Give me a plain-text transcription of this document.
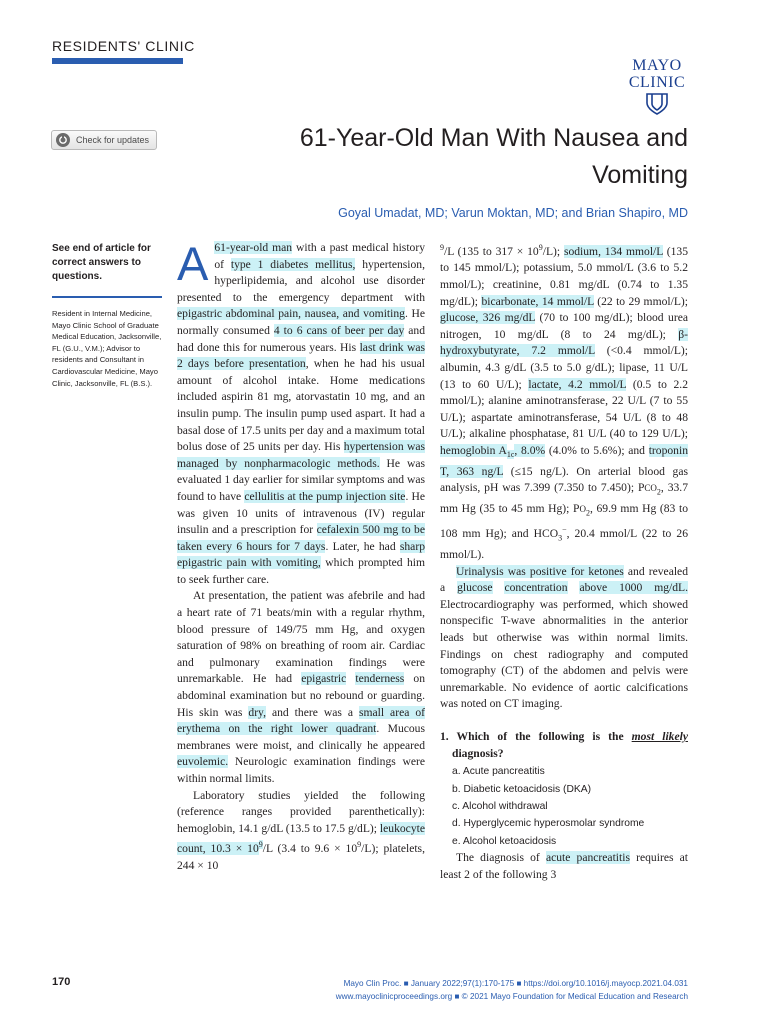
RESIDENTS' CLINIC
MAYO
CLINIC
Check for updates	61-Year-Old Man With Nausea and Vomiting
Goyal Umadat, MD; Varun Moktan, MD; and Brian Shapiro, MD
See end of article for correct answers to questions.
Resident in Internal Medicine, Mayo Clinic School of Graduate Medical Education, Jacksonville, FL (G.U., V.M.); Advisor to residents and Consultant in Cardiovascular Medicine, Mayo Clinic, Jacksonville, FL (B.S.).

A 61-year-old man with a past medical history of type 1 diabetes mellitus, hypertension, hyperlipidemia, and alcohol use disorder presented to the emergency department with epigastric abdominal pain, nausea, and vomiting. He normally consumed 4 to 6 cans of beer per day and had done this for numerous years. His last drink was 2 days before presentation, when he had his usual amount of alcohol intake. Home medications included aspirin 81 mg, atorvastatin 10 mg, and an insulin pump. The insulin pump used aspart. It had a basal dose of 17.5 units per day and a maximum total bolus dose of 25 units per day. His hypertension was managed by nonpharmacologic methods. He was evaluated 1 day earlier for similar symptoms and was found to have cellulitis at the pump injection site. He was given 10 units of intravenous (IV) regular insulin and a prescription for cefalexin 500 mg to be taken every 6 hours for 7 days. Later, he had sharp epigastric pain with vomiting, which prompted him to seek further care.

At presentation, the patient was afebrile and had a heart rate of 71 beats/min with a regular rhythm, blood pressure of 149/75 mm Hg, and oxygen saturation of 98% on breathing of room air. Cardiac and pulmonary examination findings were unremarkable. He had epigastric tenderness on abdominal examination but no rebound or guarding. His skin was dry, and there was a small area of erythema on the right lower quadrant. Mucous membranes were moist, and clinically he appeared euvolemic. Neurologic examination findings were within normal limits.

Laboratory studies yielded the following (reference ranges provided parenthetically): hemoglobin, 14.1 g/dL (13.5 to 17.5 g/dL); leukocyte count, $10.3 \times 10^9/L$ (3.4 to $9.6 \times 10^9/L$); platelets, 244 × 10

$^9$/L (135 to $317 \times 10^9/L$); sodium, 134 mmol/L (135 to 145 mmol/L); potassium, 5.0 mmol/L (3.6 to 5.2 mmol/L); creatinine, 0.81 mg/dL (0.74 to 1.35 mg/dL); bicarbonate, 14 mmol/L (22 to 29 mmol/L); glucose, 326 mg/dL (70 to 100 mg/dL); blood urea nitrogen, 10 mg/dL (8 to 24 mg/dL); β-hydroxybutyrate, 7.2 mmol/L (<0.4 mmol/L); albumin, 4.3 g/dL (3.5 to 5.0 g/dL); lipase, 11 U/L (13 to 60 U/L); lactate, 4.2 mmol/L (0.5 to 2.2 mmol/L); alanine aminotransferase, 22 U/L (7 to 55 U/L); aspartate aminotransferase, 54 U/L (8 to 48 U/L); alkaline phosphatase, 81 U/L (40 to 129 U/L); hemoglobin $A_{1c}$, 8.0% (4.0% to 5.6%); and troponin T, 363 ng/L (≤15 ng/L). On arterial blood gas analysis, pH was 7.399 (7.350 to 7.450); $PCO_2$, 33.7 mm Hg (35 to 45 mm Hg); $PO_2$, 69.9 mm Hg (83 to 108 mm Hg); and $HCO_3^-$, 20.4 mmol/L (22 to 26 mmol/L).

Urinalysis was positive for ketones and revealed a glucose concentration above 1000 mg/dL. Electrocardiography was performed, which showed nonspecific T-wave abnormalities in the anterior leads but otherwise was within normal limits. Findings on chest radiography and computed tomography (CT) of the abdomen and pelvis were unremarkable. No evidence of aortic calcifications was noted on CT imaging.

1. Which of the following is the most likely diagnosis?
a. Acute pancreatitis
b. Diabetic ketoacidosis (DKA)
c. Alcohol withdrawal
d. Hyperglycemic hyperosmolar syndrome
e. Alcohol ketoacidosis

The diagnosis of acute pancreatitis requires at least 2 of the following 3

170	Mayo Clin Proc. ■ January 2022;97(1):170-175 ■ https://doi.org/10.1016/j.mayocp.2021.04.031
www.mayoclinicproceedings.org ■ © 2021 Mayo Foundation for Medical Education and Research
